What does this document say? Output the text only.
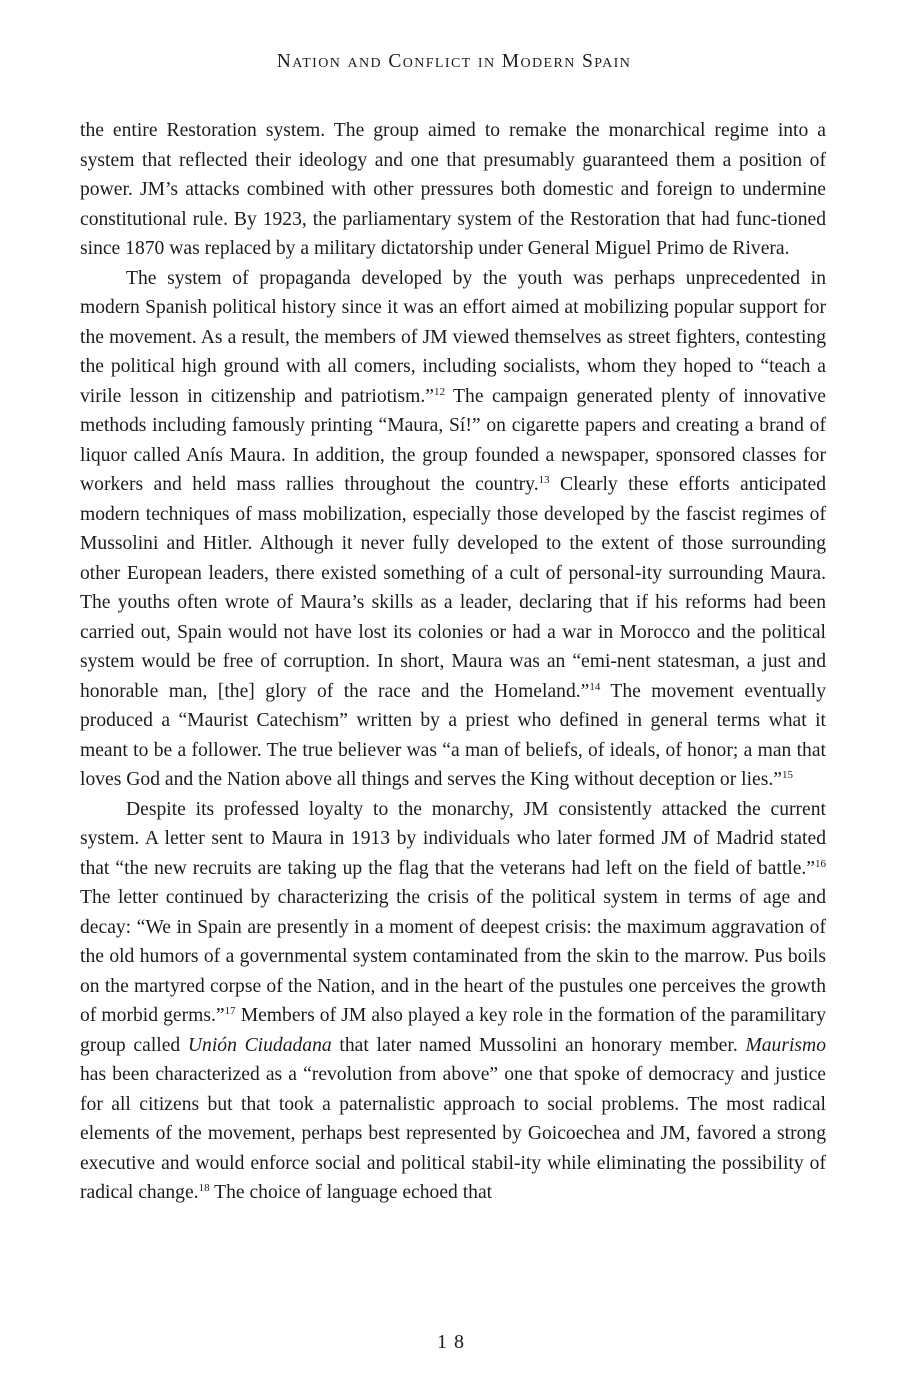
Nation and Conflict in Modern Spain

the entire Restoration system. The group aimed to remake the monarchical regime into a system that reflected their ideology and one that presumably guaranteed them a position of power. JM’s attacks combined with other pressures both domestic and foreign to undermine constitutional rule. By 1923, the parliamentary system of the Restoration that had func-tioned since 1870 was replaced by a military dictatorship under General Miguel Primo de Rivera.

The system of propaganda developed by the youth was perhaps unprecedented in modern Spanish political history since it was an effort aimed at mobilizing popular support for the movement. As a result, the members of JM viewed themselves as street fighters, contesting the political high ground with all comers, including socialists, whom they hoped to “teach a virile lesson in citizenship and patriotism.”$^{12}$ The campaign generated plenty of innovative methods including famously printing “Maura, Sí!” on cigarette papers and creating a brand of liquor called Anís Maura. In addition, the group founded a newspaper, sponsored classes for workers and held mass rallies throughout the country.$^{13}$ Clearly these efforts anticipated modern techniques of mass mobilization, especially those developed by the fascist regimes of Mussolini and Hitler. Although it never fully developed to the extent of those surrounding other European leaders, there existed something of a cult of personal-ity surrounding Maura. The youths often wrote of Maura’s skills as a leader, declaring that if his reforms had been carried out, Spain would not have lost its colonies or had a war in Morocco and the political system would be free of corruption. In short, Maura was an “emi-nent statesman, a just and honorable man, [the] glory of the race and the Homeland.”$^{14}$ The movement eventually produced a “Maurist Catechism” written by a priest who defined in general terms what it meant to be a follower. The true believer was “a man of beliefs, of ideals, of honor; a man that loves God and the Nation above all things and serves the King without deception or lies.”$^{15}$

Despite its professed loyalty to the monarchy, JM consistently attacked the current system. A letter sent to Maura in 1913 by individuals who later formed JM of Madrid stated that “the new recruits are taking up the flag that the veterans had left on the field of battle.”$^{16}$ The letter continued by characterizing the crisis of the political system in terms of age and decay: “We in Spain are presently in a moment of deepest crisis: the maximum aggravation of the old humors of a governmental system contaminated from the skin to the marrow. Pus boils on the martyred corpse of the Nation, and in the heart of the pustules one perceives the growth of morbid germs.”$^{17}$ Members of JM also played a key role in the formation of the paramilitary group called Unión Ciudadana that later named Mussolini an honorary member. Maurismo has been characterized as a “revolution from above” one that spoke of democracy and justice for all citizens but that took a paternalistic approach to social problems. The most radical elements of the movement, perhaps best represented by Goicoechea and JM, favored a strong executive and would enforce social and political stabil-ity while eliminating the possibility of radical change.$^{18}$ The choice of language echoed that

18
